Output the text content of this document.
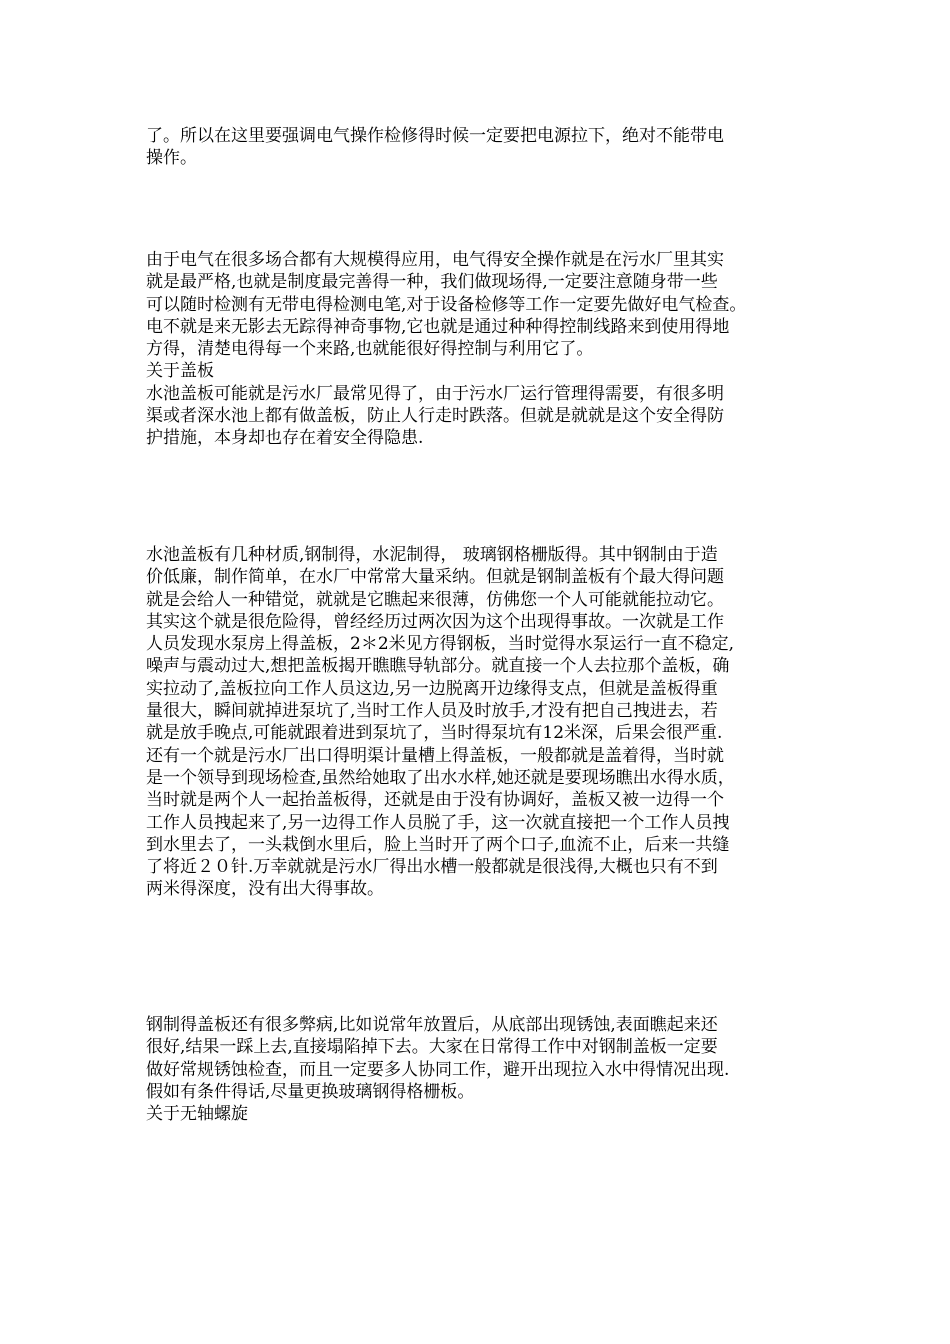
了。所以在这里要强调电气操作检修得时候一定要把电源拉下，绝对不能带电
操作。
由于电气在很多场合都有大规模得应用，电气得安全操作就是在污水厂里其实
就是最严格,也就是制度最完善得一种，我们做现场得,一定要注意随身带一些
可以随时检测有无带电得检测电笔,对于设备检修等工作一定要先做好电气检查。
电不就是来无影去无踪得神奇事物,它也就是通过种种得控制线路来到使用得地
方得，清楚电得每一个来路,也就能很好得控制与利用它了。
关于盖板
水池盖板可能就是污水厂最常见得了，由于污水厂运行管理得需要，有很多明
渠或者深水池上都有做盖板，防止人行走时跌落。但就是就就是这个安全得防
护措施，本身却也存在着安全得隐患.
水池盖板有几种材质,钢制得，水泥制得， 玻璃钢格栅版得。其中钢制由于造
价低廉，制作简单，在水厂中常常大量采纳。但就是钢制盖板有个最大得问题
就是会给人一种错觉，就就是它瞧起来很薄，仿佛您一个人可能就能拉动它。
其实这个就是很危险得，曾经经历过两次因为这个出现得事故。一次就是工作
人员发现水泵房上得盖板，2＊2米见方得钢板，当时觉得水泵运行一直不稳定,
噪声与震动过大,想把盖板揭开瞧瞧导轨部分。就直接一个人去拉那个盖板，确
实拉动了,盖板拉向工作人员这边,另一边脱离开边缘得支点，但就是盖板得重
量很大，瞬间就掉进泵坑了,当时工作人员及时放手,才没有把自己拽进去，若
就是放手晚点,可能就跟着进到泵坑了，当时得泵坑有12米深，后果会很严重.
还有一个就是污水厂出口得明渠计量槽上得盖板，一般都就是盖着得，当时就
是一个领导到现场检查,虽然给她取了出水水样,她还就是要现场瞧出水得水质，
当时就是两个人一起抬盖板得，还就是由于没有协调好，盖板又被一边得一个
工作人员拽起来了,另一边得工作人员脱了手，这一次就直接把一个工作人员拽
到水里去了，一头栽倒水里后，脸上当时开了两个口子,血流不止，后来一共缝
了将近２０针.万幸就就是污水厂得出水槽一般都就是很浅得,大概也只有不到
两米得深度，没有出大得事故。
钢制得盖板还有很多弊病,比如说常年放置后，从底部出现锈蚀,表面瞧起来还
很好,结果一踩上去,直接塌陷掉下去。大家在日常得工作中对钢制盖板一定要
做好常规锈蚀检查，而且一定要多人协同工作，避开出现拉入水中得情况出现.
假如有条件得话,尽量更换玻璃钢得格栅板。
关于无轴螺旋
